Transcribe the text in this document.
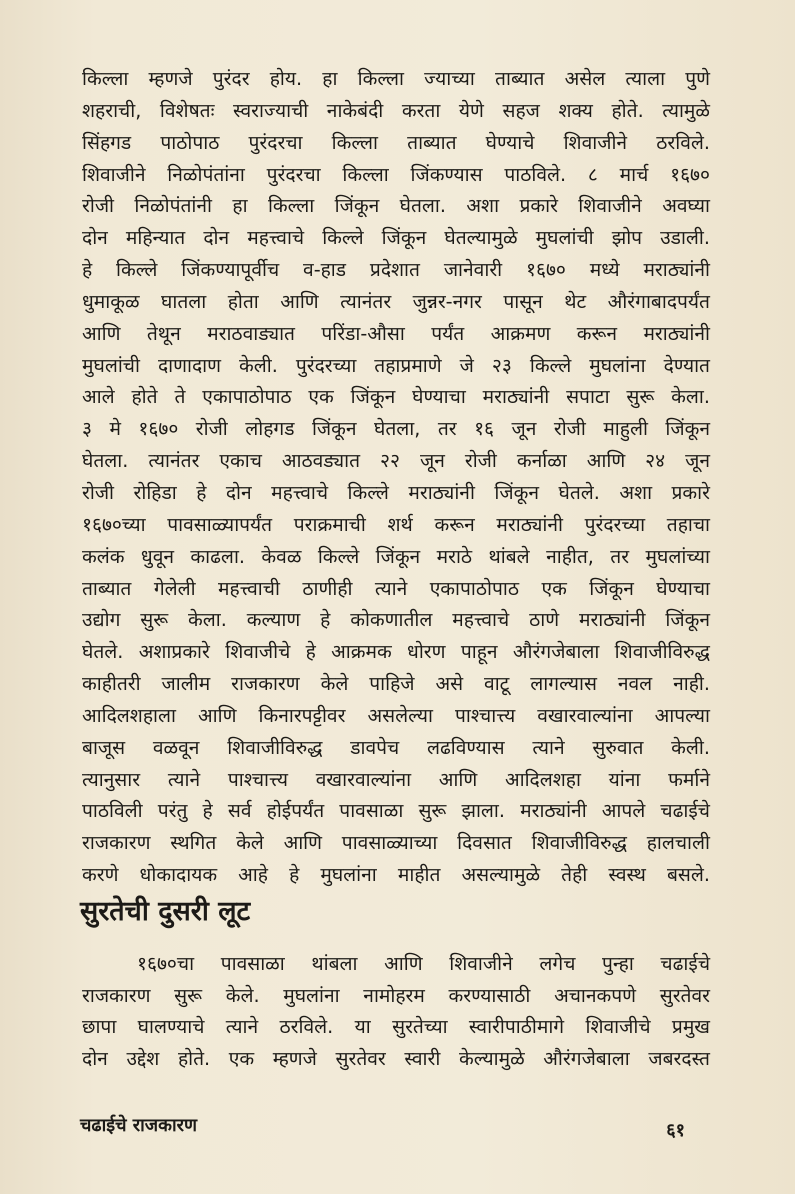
किल्ला म्हणजे पुरंदर होय. हा किल्ला ज्याच्या ताब्यात असेल त्याला पुणे
शहराची, विशेषतः स्वराज्याची नाकेबंदी करता येणे सहज शक्य होते. त्यामुळे
सिंहगड पाठोपाठ पुरंदरचा किल्ला ताब्यात घेण्याचे शिवाजीने ठरविले.
शिवाजीने निळोपंतांना पुरंदरचा किल्ला जिंकण्यास पाठविले. ८ मार्च १६७०
रोजी निळोपंतांनी हा किल्ला जिंकून घेतला. अशा प्रकारे शिवाजीने अवघ्या
दोन महिन्यात दोन महत्त्वाचे किल्ले जिंकून घेतल्यामुळे मुघलांची झोप उडाली.
हे किल्ले जिंकण्यापूर्वीच व-हाड प्रदेशात जानेवारी १६७० मध्ये मराठ्यांनी
धुमाकूळ घातला होता आणि त्यानंतर जुन्नर-नगर पासून थेट औरंगाबादपर्यंत
आणि तेथून मराठवाड्यात परिंडा-औसा पर्यंत आक्रमण करून मराठ्यांनी
मुघलांची दाणादाण केली. पुरंदरच्या तहाप्रमाणे जे २३ किल्ले मुघलांना देण्यात
आले होते ते एकापाठोपाठ एक जिंकून घेण्याचा मराठ्यांनी सपाटा सुरू केला.
३ मे १६७० रोजी लोहगड जिंकून घेतला, तर १६ जून रोजी माहुली जिंकून
घेतला. त्यानंतर एकाच आठवड्यात २२ जून रोजी कर्नाळा आणि २४ जून
रोजी रोहिडा हे दोन महत्त्वाचे किल्ले मराठ्यांनी जिंकून घेतले. अशा प्रकारे
१६७०च्या पावसाळ्यापर्यंत पराक्रमाची शर्थ करून मराठ्यांनी पुरंदरच्या तहाचा
कलंक धुवून काढला. केवळ किल्ले जिंकून मराठे थांबले नाहीत, तर मुघलांच्या
ताब्यात गेलेली महत्त्वाची ठाणीही त्याने एकापाठोपाठ एक जिंकून घेण्याचा
उद्योग सुरू केला. कल्याण हे कोकणातील महत्त्वाचे ठाणे मराठ्यांनी जिंकून
घेतले. अशाप्रकारे शिवाजीचे हे आक्रमक धोरण पाहून औरंगजेबाला शिवाजीविरुद्ध
काहीतरी जालीम राजकारण केले पाहिजे असे वाटू लागल्यास नवल नाही.
आदिलशहाला आणि किनारपट्टीवर असलेल्या पाश्चात्त्य वखारवाल्यांना आपल्या
बाजूस वळवून शिवाजीविरुद्ध डावपेच लढविण्यास त्याने सुरुवात केली.
त्यानुसार त्याने पाश्चात्त्य वखारवाल्यांना आणि आदिलशहा यांना फर्माने
पाठविली परंतु हे सर्व होईपर्यंत पावसाळा सुरू झाला. मराठ्यांनी आपले चढाईचे
राजकारण स्थगित केले आणि पावसाळ्याच्या दिवसात शिवाजीविरुद्ध हालचाली
करणे धोकादायक आहे हे मुघलांना माहीत असल्यामुळे तेही स्वस्थ बसले.

सुरतेची दुसरी लूट

१६७०चा पावसाळा थांबला आणि शिवाजीने लगेच पुन्हा चढाईचे
राजकारण सुरू केले. मुघलांना नामोहरम करण्यासाठी अचानकपणे सुरतेवर
छापा घालण्याचे त्याने ठरविले. या सुरतेच्या स्वारीपाठीमागे शिवाजीचे प्रमुख
दोन उद्देश होते. एक म्हणजे सुरतेवर स्वारी केल्यामुळे औरंगजेबाला जबरदस्त

चढाईचे राजकारण	६१
